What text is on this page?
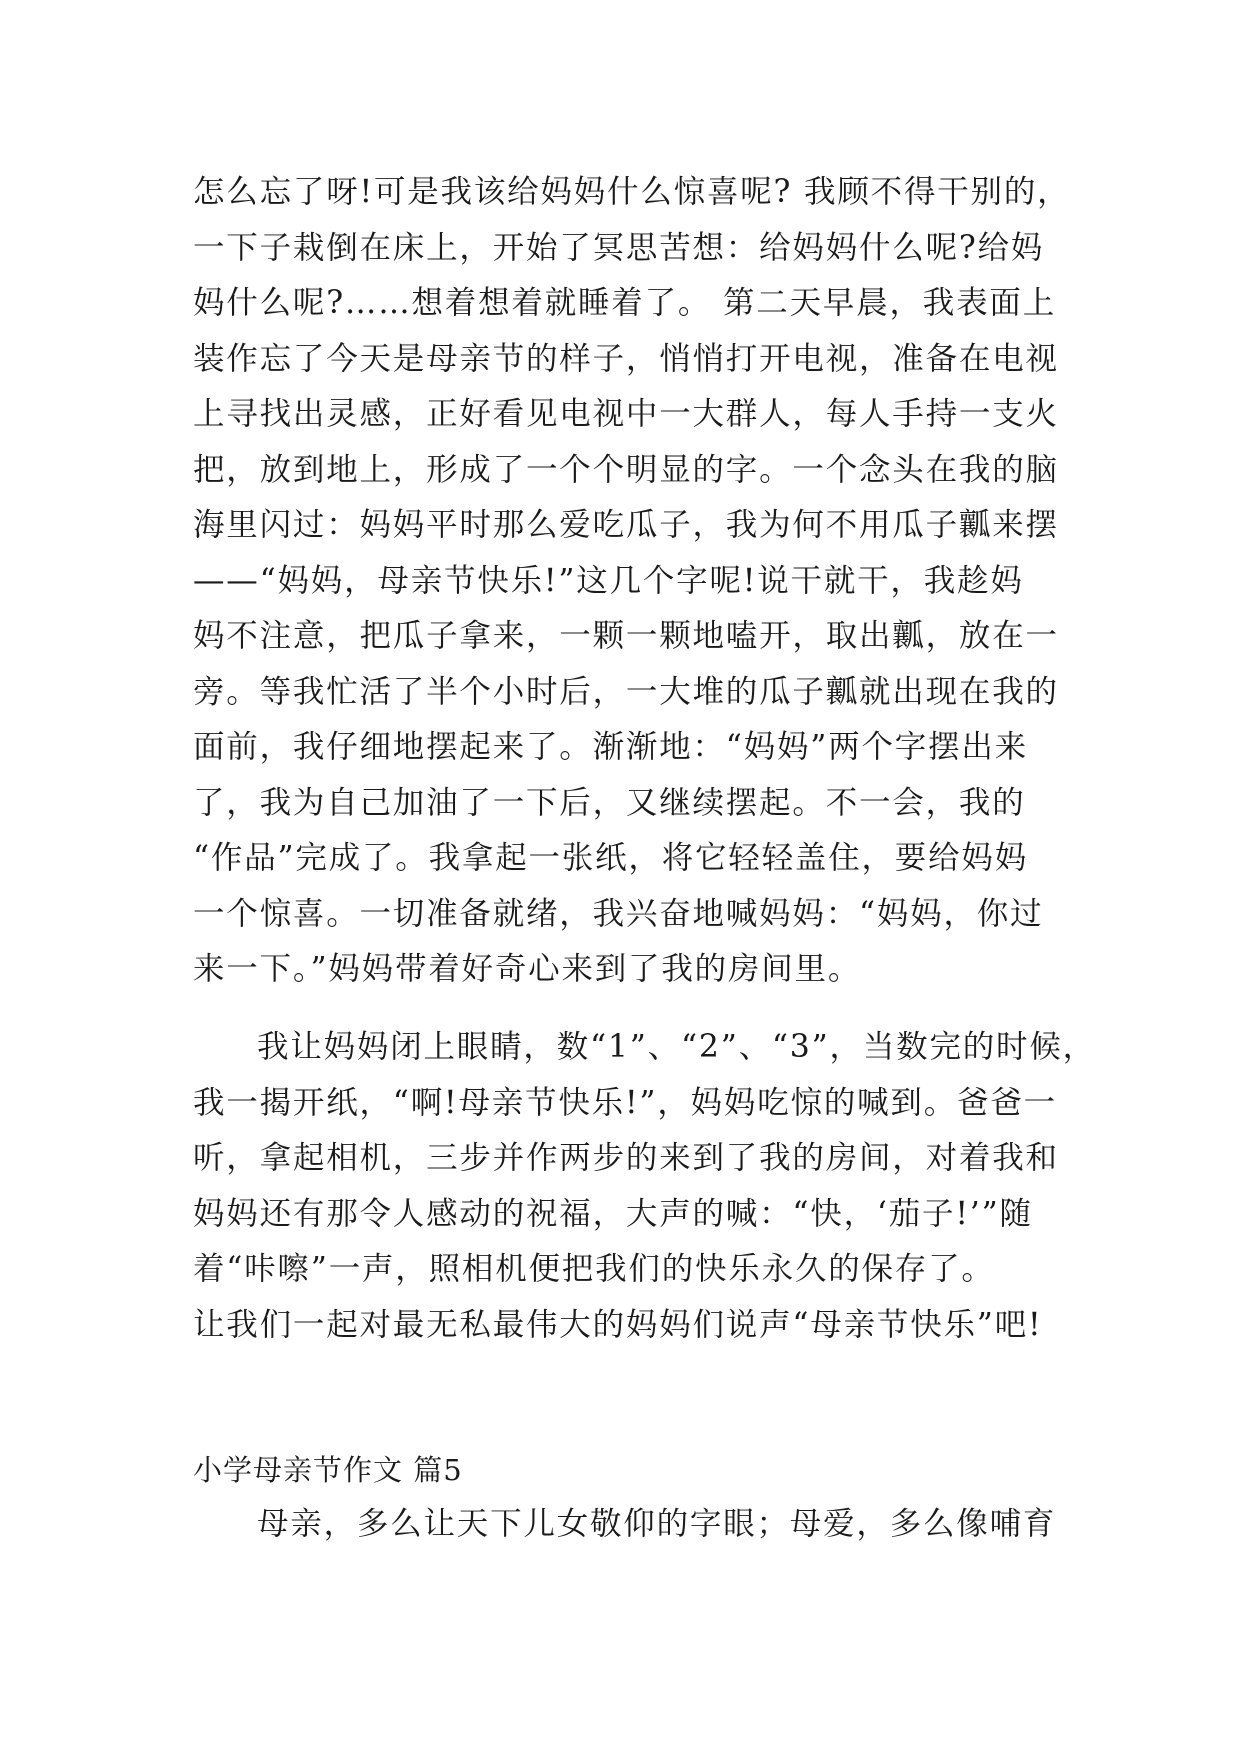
怎么忘了呀!可是我该给妈妈什么惊喜呢? 我顾不得干别的，
一下子栽倒在床上，开始了冥思苦想：给妈妈什么呢?给妈
妈什么呢?……想着想着就睡着了。 第二天早晨，我表面上
装作忘了今天是母亲节的样子，悄悄打开电视，准备在电视
上寻找出灵感，正好看见电视中一大群人，每人手持一支火
把，放到地上，形成了一个个明显的字。一个念头在我的脑
海里闪过：妈妈平时那么爱吃瓜子，我为何不用瓜子瓤来摆
——“妈妈，母亲节快乐!”这几个字呢!说干就干，我趁妈
妈不注意，把瓜子拿来，一颗一颗地嗑开，取出瓤，放在一
旁。等我忙活了半个小时后，一大堆的瓜子瓤就出现在我的
面前，我仔细地摆起来了。渐渐地：“妈妈”两个字摆出来
了，我为自己加油了一下后，又继续摆起。不一会，我的
“作品”完成了。我拿起一张纸，将它轻轻盖住，要给妈妈
一个惊喜。一切准备就绪，我兴奋地喊妈妈：“妈妈，你过
来一下。”妈妈带着好奇心来到了我的房间里。
我让妈妈闭上眼睛，数“1”、“2”、“3”，当数完的时候，
我一揭开纸，“啊!母亲节快乐!”，妈妈吃惊的喊到。爸爸一
听，拿起相机，三步并作两步的来到了我的房间，对着我和
妈妈还有那令人感动的祝福，大声的喊：“快，‘茄子!’”随
着“咔嚓”一声，照相机便把我们的快乐永久的保存了。
让我们一起对最无私最伟大的妈妈们说声“母亲节快乐”吧!
小学母亲节作文 篇5
母亲，多么让天下儿女敬仰的字眼；母爱，多么像哺育
